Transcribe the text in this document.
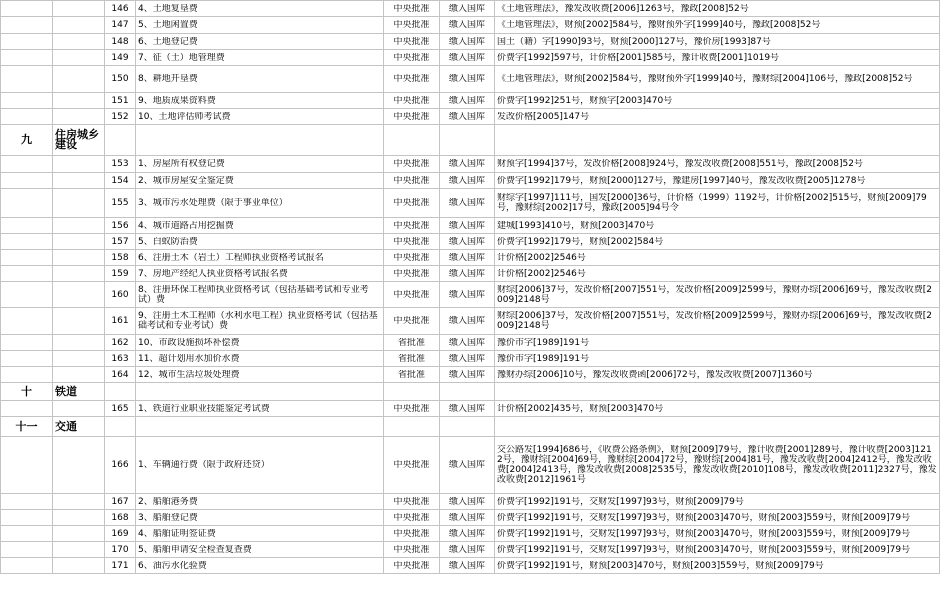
		146	4、土地复垦费	中央批准	缴入国库	《土地管理法》，豫发改收费[2006]1263号，豫政[2008]52号

		147	5、土地闲置费	中央批准	缴入国库	《土地管理法》，财预[2002]584号，豫财预外字[1999]40号，豫政[2008]52号

		148	6、土地登记费	中央批准	缴入国库	国土（籍）字[1990]93号，财预[2000]127号，豫价房[1993]87号

		149	7、征（土）地管理费	中央批准	缴入国库	价费字[1992]597号，计价格[2001]585号，豫计收费[2001]1019号

		150	8、耕地开垦费	中央批准	缴入国库	《土地管理法》，财预[2002]584号，豫财预外字[1999]40号，豫财综[2004]106号，豫政[2008]52号

		151	9、地质成果资料费	中央批准	缴入国库	价费字[1992]251号，财预字[2003]470号

		152	10、土地评估师考试费	中央批准	缴入国库	发改价格[2005]147号

九	住房城乡建设					

		153	1、房屋所有权登记费	中央批准	缴入国库	财预字[1994]37号，发改价格[2008]924号，豫发改收费[2008]551号，豫政[2008]52号

		154	2、城市房屋安全鉴定费	中央批准	缴入国库	价费字[1992]179号，财预[2000]127号，豫建房[1997]40号，豫发改收费[2005]1278号

		155	3、城市污水处理费（限于事业单位）	中央批准	缴入国库	财综字[1997]111号，国发[2000]36号，计价格（1999）1192号，计价格[2002]515号，财预[2009]79号，豫财综[2002]17号，豫政[2005]94号令

		156	4、城市道路占用挖掘费	中央批准	缴入国库	建城[1993]410号，财预[2003]470号

		157	5、白蚁防治费	中央批准	缴入国库	价费字[1992]179号，财预[2002]584号

		158	6、注册土木（岩土）工程师执业资格考试报名	中央批准	缴入国库	计价格[2002]2546号

		159	7、房地产经纪人执业资格考试报名费	中央批准	缴入国库	计价格[2002]2546号

		160	8、注册环保工程师执业资格考试（包括基础考试和专业考试）费	中央批准	缴入国库	财综[2006]37号，发改价格[2007]551号，发改价格[2009]2599号，豫财办综[2006]69号，豫发改收费[2009]2148号

		161	9、注册土木工程师（水利水电工程）执业资格考试（包括基础考试和专业考试）费	中央批准	缴入国库	财综[2006]37号，发改价格[2007]551号，发改价格[2009]2599号，豫财办综[2006]69号，豫发改收费[2009]2148号

		162	10、市政设施损坏补偿费	省批准	缴入国库	豫价市字[1989]191号

		163	11、超计划用水加价水费	省批准	缴入国库	豫价市字[1989]191号

		164	12、城市生活垃圾处理费	省批准	缴入国库	豫财办综[2006]10号，豫发改收费函[2006]72号，豫发改收费[2007]1360号

十	铁道					

		165	1、铁道行业职业技能鉴定考试费	中央批准	缴入国库	计价格[2002]435号，财预[2003]470号

十一	交通					

		166	1、车辆通行费（限于政府还贷）	中央批准	缴入国库	交公路发[1994]686号，《收费公路条例》，财预[2009]79号，豫计收费[2001]289号，豫计收费[2003]1212号，豫财综[2004]69号，豫财综[2004]72号，豫财综[2004]81号，豫发改收费[2004]2412号，豫发改收费[2004]2413号，豫发改收费[2008]2535号，豫发改收费[2010]108号，豫发改收费[2011]2327号，豫发改收费[2012]1961号

		167	2、船舶港务费	中央批准	缴入国库	价费字[1992]191号，交财发[1997]93号，财预[2009]79号

		168	3、船舶登记费	中央批准	缴入国库	价费字[1992]191号，交财发[1997]93号，财预[2003]470号，财预[2003]559号，财预[2009]79号

		169	4、船舶证明签证费	中央批准	缴入国库	价费字[1992]191号，交财发[1997]93号，财预[2003]470号，财预[2003]559号，财预[2009]79号

		170	5、船舶申请安全检查复查费	中央批准	缴入国库	价费字[1992]191号，交财发[1997]93号，财预[2003]470号，财预[2003]559号，财预[2009]79号

		171	6、油污水化验费	中央批准	缴入国库	价费字[1992]191号，财预[2003]470号，财预[2003]559号，财预[2009]79号
